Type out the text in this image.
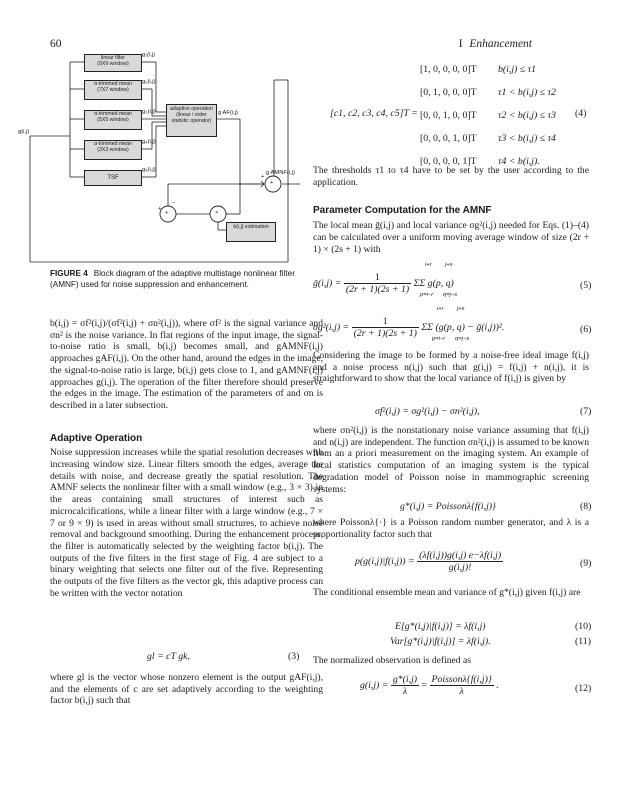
60	I Enhancement
linear filter
(9X9 window)
α-trimmed mean
(7X7 window)
α-trimmed mean
(5X5 window)
α-trimmed mean
(3X3 window)
TSF
adaptive operation (linear / order statistic operator)
b(i,j) estimation
g(i,j)
g₁(i,j)
g₂(i,j)
g₃(i,j)
g₄(i,j)
g₅(i,j)
g AF(i,j)
g AMNF(i,j)
+
×
+
+
−
+
FIGURE 4 Block diagram of the adaptive multistage nonlinear filter (AMNF) used for noise suppression and enhancement.

b(i,j) = σf²(i,j)/(σf²(i,j) + σn²(i,j)), where σf² is the signal variance and σn² is the noise variance. In flat regions of the input image, the signal-to-noise ratio is small, b(i,j) becomes small, and gAMNF(i,j) approaches gAF(i,j). On the other hand, around the edges in the image, the signal-to-noise ratio is large, b(i,j) gets close to 1, and gAMNF(i,j) approaches g(i,j). The operation of the filter therefore should preserve the edges in the image. The estimation of the parameters σf and σn is described in a later subsection.

Adaptive Operation

Noise suppression increases while the spatial resolution decreases with increasing window size. Linear filters smooth the edges, average the details with noise, and decrease greatly the spatial resolution. The AMNF selects the nonlinear filter with a small window (e.g., 3 × 3) in the areas containing small structures of interest such as microcalcifications, while a linear filter with a large window (e.g., 7 × 7 or 9 × 9) is used in areas without small structures, to achieve noise removal and background smoothing. During the enhancement process, the filter is automatically selected by the weighting factor b(i,j). The outputs of the five filters in the first stage of Fig. 4 are subject to a binary weighting that selects one filter out of the five. Representing the outputs of the five filters as the vector gk, this adaptive process can be written with the vector notation

gl = cT gk,	(3)

where gl is the vector whose nonzero element is the output gAF(i,j), and the elements of c are set adaptively according to the weighting factor b(i,j) such that

[c1, c2, c3, c4, c5]T =
[1, 0, 0, 0, 0]T b(i,j) ≤ τ1
[0, 1, 0, 0, 0]T τ1 < b(i,j) ≤ τ2
[0, 0, 1, 0, 0]T τ2 < b(i,j) ≤ τ3
[0, 0, 0, 1, 0]T τ3 < b(i,j) ≤ τ4
[0, 0, 0, 0, 1]T τ4 < b(i,j).
(4)

The thresholds τ1 to τ4 have to be set by the user according to the application.

Parameter Computation for the AMNF

The local mean ḡ(i,j) and local variance σg²(i,j) needed for Eqs. (1)–(4) can be calculated over a uniform moving average window of size (2r + 1) × (2s + 1) with

ḡ(i,j) = $\frac{1}{(2r + 1)(2s + 1)}$ ΣΣ g(p, q)
i+r j+s
p=i−r q=j−s
(5)
$\sigma g^2(i,j) = \frac{1}{(2r + 1)(2s + 1)}$ ΣΣ (g(p, q) − ḡ(i,j))².
i+r j+s
p=i−r q=j−s
(6)

Considering the image to be formed by a noise-free ideal image f(i,j) and a noise process n(i,j) such that g(i,j) = f(i,j) + n(i,j), it is straightforward to show that the local variance of f(i,j) is given by

σf²(i,j) = σg²(i,j) − σn²(i,j),	(7)

where σn²(i,j) is the nonstationary noise variance assuming that f(i,j) and n(i,j) are independent. The function σn²(i,j) is assumed to be known from an a priori measurement on the imaging system. An example of local statistics computation of an imaging system is the typical degradation model of Poisson noise in mammographic screening systems:

g*(i,j) = Poissonλ{f(i,j)}	(8)

where Poissonλ{·} is a Poisson random number generator, and λ is a proportionality factor such that

$p(g(i,j)|f(i,j)) = \frac{(\lambda f(i,j))g(i,j) e-\lambda f(i,j)}{g(i,j)!}$	(9)

The conditional ensemble mean and variance of g*(i,j) given f(i,j) are

E[g*(i,j)|f(i,j)] = λf(i,j)	(10)
Var[g*(i,j)|f(i,j)] = λf(i,j).	(11)

The normalized observation is defined as

$g(i,j) = \frac{g*(i,j)}{\lambda} = \frac{\text{Poissonλ\{f(i,j)\}}}{\lambda}$ .	(12)
